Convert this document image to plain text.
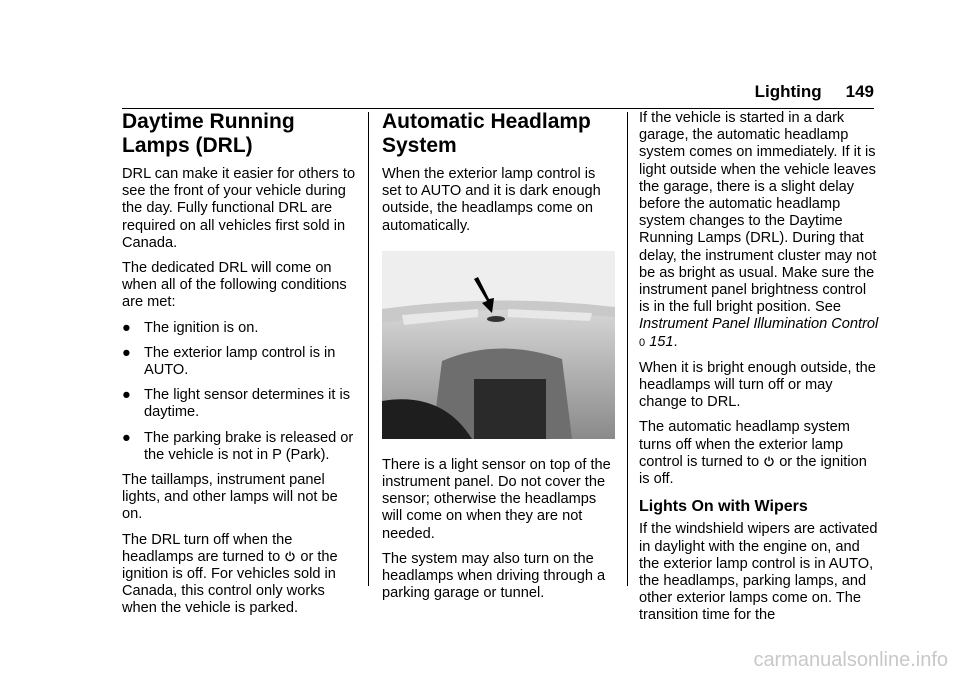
Lighting 149
Daytime Running Lamps (DRL)

DRL can make it easier for others to see the front of your vehicle during the day. Fully functional DRL are required on all vehicles first sold in Canada.

The dedicated DRL will come on when all of the following conditions are met:

● The ignition is on.
● The exterior lamp control is in AUTO.
● The light sensor determines it is daytime.
● The parking brake is released or the vehicle is not in P (Park).

The taillamps, instrument panel lights, and other lamps will not be on.

The DRL turn off when the headlamps are turned to or the ignition is off. For vehicles sold in Canada, this control only works when the vehicle is parked.

Automatic Headlamp System

When the exterior lamp control is set to AUTO and it is dark enough outside, the headlamps come on automatically.

There is a light sensor on top of the instrument panel. Do not cover the sensor; otherwise the headlamps will come on when they are not needed.

The system may also turn on the headlamps when driving through a parking garage or tunnel.

If the vehicle is started in a dark garage, the automatic headlamp system comes on immediately. If it is light outside when the vehicle leaves the garage, there is a slight delay before the automatic headlamp system changes to the Daytime Running Lamps (DRL). During that delay, the instrument cluster may not be as bright as usual. Make sure the instrument panel brightness control is in the full bright position. See Instrument Panel Illumination Control 0 151.

When it is bright enough outside, the headlamps will turn off or may change to DRL.

The automatic headlamp system turns off when the exterior lamp control is turned to or the ignition is off.

Lights On with Wipers

If the windshield wipers are activated in daylight with the engine on, and the exterior lamp control is in AUTO, the headlamps, parking lamps, and other exterior lamps come on. The transition time for the

carmanualsonline.info
